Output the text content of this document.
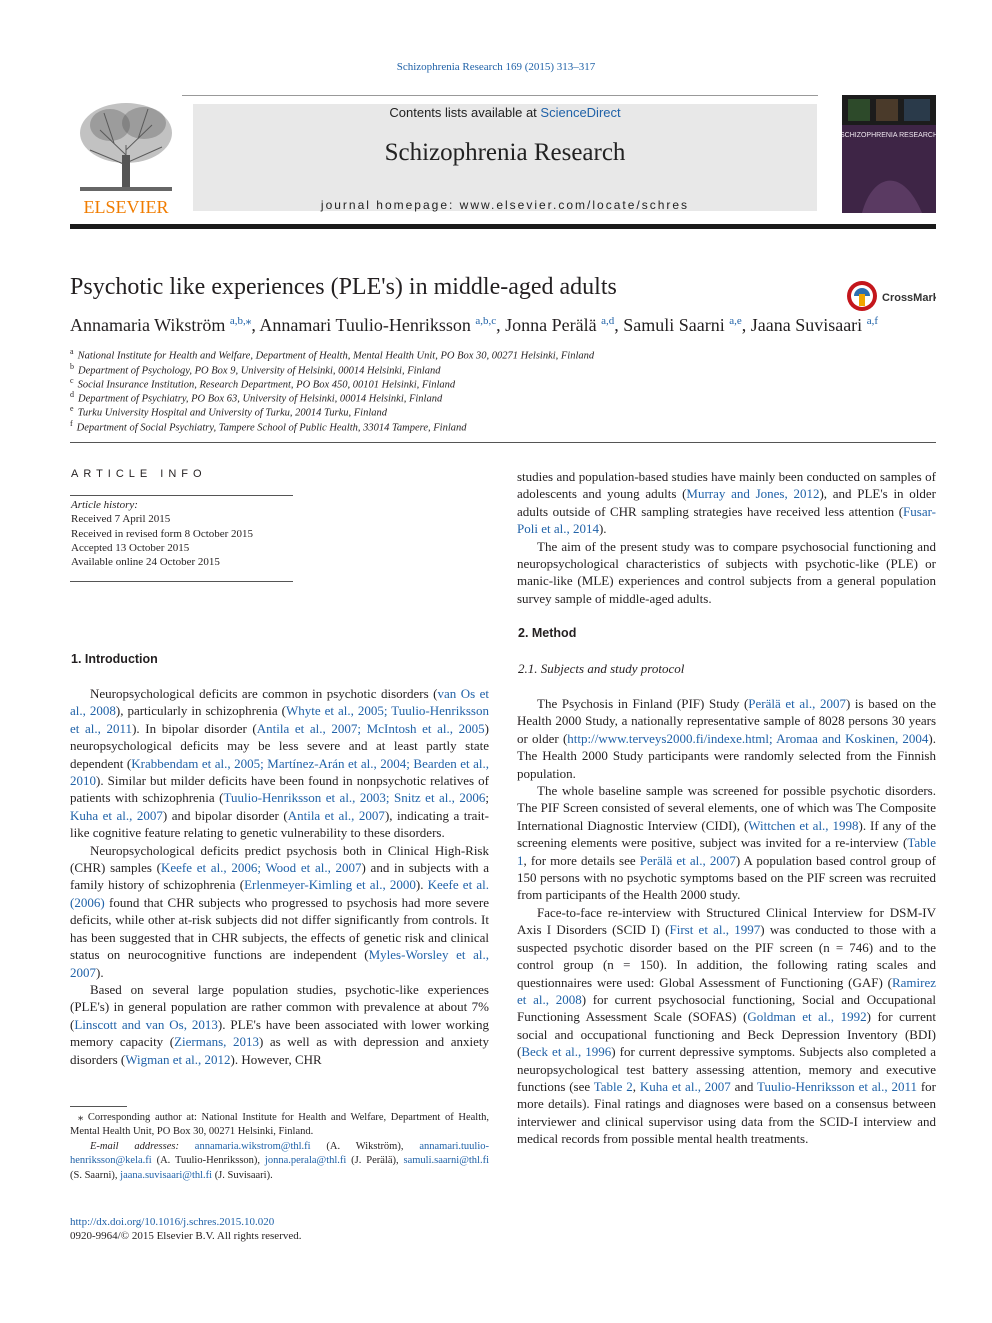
Schizophrenia Research 169 (2015) 313–317
ELSEVIER
Contents lists available at ScienceDirect
Schizophrenia Research
journal homepage: www.elsevier.com/locate/schres
SCHIZOPHRENIA RESEARCH
Psychotic like experiences (PLE's) in middle-aged adults	CrossMark
Annamaria Wikström $^{a,b,⁎}$, Annamari Tuulio-Henriksson $^{a,b,c}$, Jonna Perälä $^{a,d}$, Samuli Saarni $^{a,e}$, Jaana Suvisaari $^{a,f}$
$^a$ National Institute for Health and Welfare, Department of Health, Mental Health Unit, PO Box 30, 00271 Helsinki, Finland
$^b$ Department of Psychology, PO Box 9, University of Helsinki, 00014 Helsinki, Finland
$^c$ Social Insurance Institution, Research Department, PO Box 450, 00101 Helsinki, Finland
$^d$ Department of Psychiatry, PO Box 63, University of Helsinki, 00014 Helsinki, Finland
$^e$ Turku University Hospital and University of Turku, 20014 Turku, Finland
$^f$ Department of Social Psychiatry, Tampere School of Public Health, 33014 Tampere, Finland
ARTICLE INFO
Article history:
Received 7 April 2015
Received in revised form 8 October 2015
Accepted 13 October 2015
Available online 24 October 2015
1. Introduction

Neuropsychological deficits are common in psychotic disorders (van Os et al., 2008), particularly in schizophrenia (Whyte et al., 2005; Tuulio-Henriksson et al., 2011). In bipolar disorder (Antila et al., 2007; McIntosh et al., 2005) neuropsychological deficits may be less severe and at least partly state dependent (Krabbendam et al., 2005; Martínez-Arán et al., 2004; Bearden et al., 2010). Similar but milder deficits have been found in nonpsychotic relatives of patients with schizophrenia (Tuulio-Henriksson et al., 2003; Snitz et al., 2006; Kuha et al., 2007) and bipolar disorder (Antila et al., 2007), indicating a trait-like cognitive feature relating to genetic vulnerability to these disorders.

Neuropsychological deficits predict psychosis both in Clinical High-Risk (CHR) samples (Keefe et al., 2006; Wood et al., 2007) and in subjects with a family history of schizophrenia (Erlenmeyer-Kimling et al., 2000). Keefe et al. (2006) found that CHR subjects who progressed to psychosis had more severe deficits, while other at-risk subjects did not differ significantly from controls. It has been suggested that in CHR subjects, the effects of genetic risk and clinical status on neurocognitive functions are independent (Myles-Worsley et al., 2007).

Based on several large population studies, psychotic-like experiences (PLE's) in general population are rather common with prevalence at about 7% (Linscott and van Os, 2013). PLE's have been associated with lower working memory capacity (Ziermans, 2013) as well as with depression and anxiety disorders (Wigman et al., 2012). However, CHR

⁎ Corresponding author at: National Institute for Health and Welfare, Department of Health, Mental Health Unit, PO Box 30, 00271 Helsinki, Finland.

E-mail addresses: annamaria.wikstrom@thl.fi (A. Wikström), annamari.tuulio-henriksson@kela.fi (A. Tuulio-Henriksson), jonna.perala@thl.fi (J. Perälä), samuli.saarni@thl.fi (S. Saarni), jaana.suvisaari@thl.fi (J. Suvisaari).

http://dx.doi.org/10.1016/j.schres.2015.10.020
0920-9964/© 2015 Elsevier B.V. All rights reserved.

studies and population-based studies have mainly been conducted on samples of adolescents and young adults (Murray and Jones, 2012), and PLE's in older adults outside of CHR sampling strategies have received less attention (Fusar-Poli et al., 2014).

The aim of the present study was to compare psychosocial functioning and neuropsychological characteristics of subjects with psychotic-like (PLE) or manic-like (MLE) experiences and control subjects from a general population survey sample of middle-aged adults.

2. Method
2.1. Subjects and study protocol

The Psychosis in Finland (PIF) Study (Perälä et al., 2007) is based on the Health 2000 Study, a nationally representative sample of 8028 persons 30 years or older (http://www.terveys2000.fi/indexe.html; Aromaa and Koskinen, 2004). The Health 2000 Study participants were randomly selected from the Finnish population.

The whole baseline sample was screened for possible psychotic disorders. The PIF Screen consisted of several elements, one of which was The Composite International Diagnostic Interview (CIDI), (Wittchen et al., 1998). If any of the screening elements were positive, subject was invited for a re-interview (Table 1, for more details see Perälä et al., 2007) A population based control group of 150 persons with no psychotic symptoms based on the PIF screen was recruited from participants of the Health 2000 study.

Face-to-face re-interview with Structured Clinical Interview for DSM-IV Axis I Disorders (SCID I) (First et al., 1997) was conducted to those with a suspected psychotic disorder based on the PIF screen (n = 746) and to the control group (n = 150). In addition, the following rating scales and questionnaires were used: Global Assessment of Functioning (GAF) (Ramirez et al., 2008) for current psychosocial functioning, Social and Occupational Functioning Assessment Scale (SOFAS) (Goldman et al., 1992) for current social and occupational functioning and Beck Depression Inventory (BDI) (Beck et al., 1996) for current depressive symptoms. Subjects also completed a neuropsychological test battery assessing attention, memory and executive functions (see Table 2, Kuha et al., 2007 and Tuulio-Henriksson et al., 2011 for more details). Final ratings and diagnoses were based on a consensus between interviewer and clinical supervisor using data from the SCID-I interview and medical records from possible mental health treatments.
